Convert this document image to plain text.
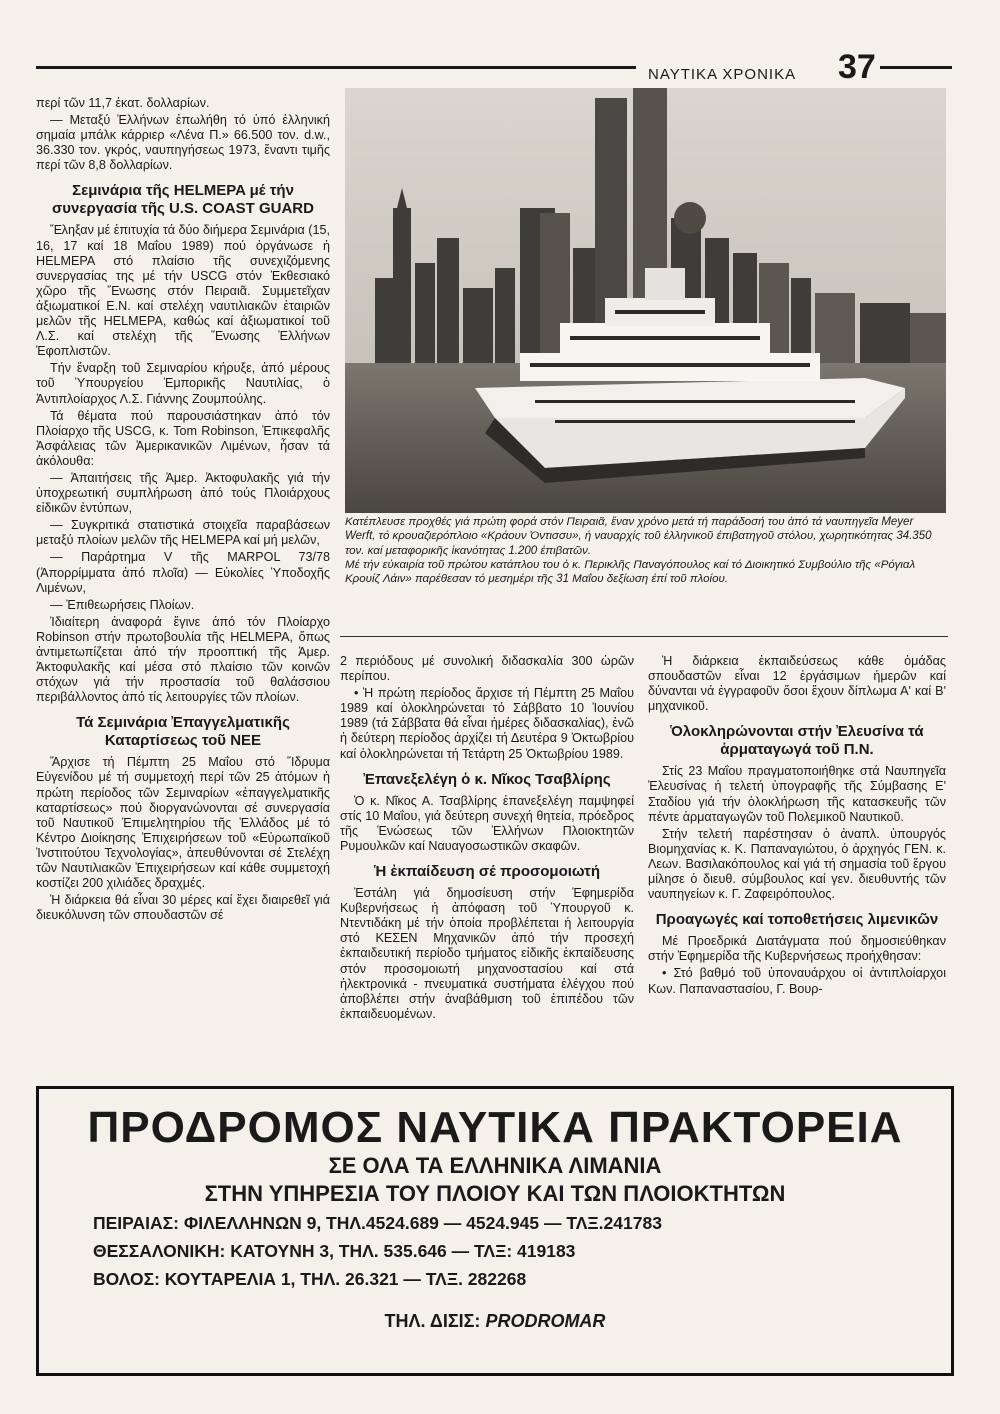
ΝΑΥΤΙΚΑ ΧΡΟΝΙΚΑ 37

περί τῶν 11,7 ἑκατ. δολλαρίων.

— Μεταξύ Ἑλλήνων ἐπωλήθη τό ὑπό ἑλληνική σημαία μπάλκ κάρριερ «Λένα Π.» 66.500 τον. d.w., 36.330 τον. γκρός, ναυπηγήσεως 1973, ἔναντι τιμῆς περί τῶν 8,8 δολλαρίων.

Σεμινάρια τῆς HELMEPA μέ τήν συνεργασία τῆς U.S. COAST GUARD

Ἔληξαν μέ ἐπιτυχία τά δύο διήμερα Σεμινάρια (15, 16, 17 καί 18 Μαΐου 1989) πού ὀργάνωσε ἡ HELMEPA στό πλαίσιο τῆς συνεχιζόμενης συνεργασίας της μέ τήν USCG στόν Ἐκθεσιακό χῶρο τῆς Ἕνωσης στόν Πειραιᾶ. Συμμετεῖχαν ἀξιωματικοί Ε.Ν. καί στελέχη ναυτιλιακῶν ἑταιριῶν μελῶν τῆς HELMEPA, καθώς καί ἀξιωματικοί τοῦ Λ.Σ. καί στελέχη τῆς Ἕνωσης Ἑλλήνων Ἐφοπλιστῶν.

Τήν ἔναρξη τοῦ Σεμιναρίου κήρυξε, ἀπό μέρους τοῦ Ὑπουργείου Ἐμπορικῆς Ναυτιλίας, ὁ Ἀντιπλοίαρχος Λ.Σ. Γιάννης Ζουμπούλης.

Τά θέματα πού παρουσιάστηκαν ἀπό τόν Πλοίαρχο τῆς USCG, κ. Tom Robinson, Ἐπικεφαλῆς Ἀσφάλειας τῶν Ἀμερικανικῶν Λιμένων, ἦσαν τά ἀκόλουθα:

— Ἀπαιτήσεις τῆς Ἀμερ. Ἀκτοφυλακῆς γιά τήν ὑποχρεωτική συμπλήρωση ἀπό τούς Πλοιάρχους εἰδικῶν ἐντύπων,

— Συγκριτικά στατιστικά στοιχεῖα παραβάσεων μεταξύ πλοίων μελῶν τῆς HELMEPA καί μή μελῶν,

— Παράρτημα V τῆς MARPOL 73/78 (Ἀπορρίμματα ἀπό πλοῖα) — Εὐκολίες Ὑποδοχῆς Λιμένων,

— Ἐπιθεωρήσεις Πλοίων.

Ἰδιαίτερη ἀναφορά ἔγινε ἀπό τόν Πλοίαρχο Robinson στήν πρωτοβουλία τῆς HELMEPA, ὅπως ἀντιμετωπίζεται ἀπό τήν προοπτική τῆς Ἀμερ. Ἀκτοφυλακῆς καί μέσα στό πλαίσιο τῶν κοινῶν στόχων γιά τήν προστασία τοῦ θαλάσσιου περιβάλλοντος ἀπό τίς λειτουργίες τῶν πλοίων.

Τά Σεμινάρια Ἐπαγγελματικῆς Καταρτίσεως τοῦ ΝΕΕ

Ἄρχισε τή Πέμπτη 25 Μαΐου στό Ἵδρυμα Εὐγενίδου μέ τή συμμετοχή περί τῶν 25 ἀτόμων ἡ πρώτη περίοδος τῶν Σεμιναρίων «ἐπαγγελματικῆς καταρτίσεως» πού διοργανώνονται σέ συνεργασία τοῦ Ναυτικοῦ Ἐπιμελητηρίου τῆς Ἑλλάδος μέ τό Κέντρο Διοίκησης Ἐπιχειρήσεων τοῦ «Εὐρωπαϊκοῦ Ἰνστιτούτου Τεχνολογίας», ἀπευθύνονται σέ Στελέχη τῶν Ναυτιλιακῶν Ἐπιχειρήσεων καί κάθε συμμετοχή κοστίζει 200 χιλιάδες δραχμές.

Ἡ διάρκεια θά εἶναι 30 μέρες καί ἔχει διαιρεθεῖ γιά διευκόλυνση τῶν σπουδαστῶν σέ

Κατέπλευσε προχθές γιά πρώτη φορά στόν Πειραιᾶ, ἕναν χρόνο μετά τή παράδοσή του ἀπό τά ναυπηγεῖα Meyer Werft, τό κρουαζιερόπλοιο «Κράουν Ὀντισσυ», ἡ ναυαρχίς τοῦ ἑλληνικοῦ ἐπιβατηγοῦ στόλου, χωρητικότητας 34.350 τον. καί μεταφορικῆς ἱκανότητας 1.200 ἐπιβατῶν.

Μέ τήν εὐκαιρία τοῦ πρώτου κατάπλου του ὁ κ. Περικλῆς Παναγόπουλος καί τό Διοικητικό Συμβούλιο τῆς «Ρόγιαλ Κρουίζ Λάιν» παρέθεσαν τό μεσημέρι τῆς 31 Μαΐου δεξίωση ἐπί τοῦ πλοίου.

2 περιόδους μέ συνολική διδασκαλία 300 ὡρῶν περίπου.

• Ἡ πρώτη περίοδος ἄρχισε τή Πέμπτη 25 Μαΐου 1989 καί ὁλοκληρώνεται τό Σάββατο 10 Ἰουνίου 1989 (τά Σάββατα θά εἶναι ἡμέρες διδασκαλίας), ἐνῶ ἡ δεύτερη περίοδος ἀρχίζει τή Δευτέρα 9 Ὀκτωβρίου καί ὁλοκληρώνεται τή Τετάρτη 25 Ὀκτωβρίου 1989.

Ἐπανεξελέγη ὁ κ. Νῖκος Τσαβλίρης

Ὁ κ. Νῖκος Α. Τσαβλίρης ἐπανεξελέγη παμψηφεί στίς 10 Μαΐου, γιά δεύτερη συνεχή θητεία, πρόεδρος τῆς Ἑνώσεως τῶν Ἑλλήνων Πλοιοκτητῶν Ρυμουλκῶν καί Ναυαγοσωστικῶν σκαφῶν.

Ἡ ἐκπαίδευση σέ προσομοιωτή

Ἐστάλη γιά δημοσίευση στήν Ἐφημερίδα Κυβερνήσεως ἡ ἀπόφαση τοῦ Ὑπουργοῦ κ. Ντεντιδάκη μέ τήν ὁποία προβλέπεται ἡ λειτουργία στό ΚΕΣΕΝ Μηχανικῶν ἀπό τήν προσεχή ἐκπαιδευτική περίοδο τμήματος εἰδικῆς ἐκπαίδευσης στόν προσομοιωτή μηχανοστασίου καί στά ἠλεκτρονικά - πνευματικά συστήματα ἐλέγχου πού ἀποβλέπει στήν ἀναβάθμιση τοῦ ἐπιπέδου τῶν ἐκπαιδευομένων.

Ἡ διάρκεια ἐκπαιδεύσεως κάθε ὁμάδας σπουδαστῶν εἶναι 12 ἐργάσιμων ἡμερῶν καί δύνανται νά ἐγγραφοῦν ὅσοι ἔχουν δίπλωμα Α' καί Β' μηχανικοῦ.

Ὁλοκληρώνονται στήν Ἐλευσίνα τά ἁρματαγωγά τοῦ Π.Ν.

Στίς 23 Μαΐου πραγματοποιήθηκε στά Ναυπηγεῖα Ἐλευσίνας ἡ τελετή ὑπογραφῆς τῆς Σύμβασης Ε' Σταδίου γιά τήν ὁλοκλήρωση τῆς κατασκευῆς τῶν πέντε ἁρματαγωγῶν τοῦ Πολεμικοῦ Ναυτικοῦ.

Στήν τελετή παρέστησαν ὁ ἀναπλ. ὑπουργός Βιομηχανίας κ. Κ. Παπαναγιώτου, ὁ ἀρχηγός ΓΕΝ. κ. Λεων. Βασιλακόπουλος καί γιά τή σημασία τοῦ ἔργου μίλησε ὁ διευθ. σύμβουλος καί γεν. διευθυντής τῶν ναυπηγείων κ. Γ. Ζαφειρόπουλος.

Προαγωγές καί τοποθετήσεις λιμενικῶν

Μέ Προεδρικά Διατάγματα πού δημοσιεύθηκαν στήν Ἐφημερίδα τῆς Κυβερνήσεως προήχθησαν:

• Στό βαθμό τοῦ ὑποναυάρχου οἱ ἀντιπλοίαρχοι Κων. Παπαναστασίου, Γ. Βουρ-

ΠΡΟΔΡΟΜΟΣ ΝΑΥΤΙΚΑ ΠΡΑΚΤΟΡΕΙΑ
ΣΕ ΟΛΑ ΤΑ ΕΛΛΗΝΙΚΑ ΛΙΜΑΝΙΑ
ΣΤΗΝ ΥΠΗΡΕΣΙΑ ΤΟΥ ΠΛΟΙΟΥ ΚΑΙ ΤΩΝ ΠΛΟΙΟΚΤΗΤΩΝ
ΠΕΙΡΑΙΑΣ: ΦΙΛΕΛΛΗΝΩΝ 9, ΤΗΛ.4524.689 — 4524.945 — ΤΛΞ.241783
ΘΕΣΣΑΛΟΝΙΚΗ: ΚΑΤΟΥΝΗ 3, ΤΗΛ. 535.646 — ΤΛΞ: 419183
ΒΟΛΟΣ: ΚΟΥΤΑΡΕΛΙΑ 1, ΤΗΛ. 26.321 — ΤΛΞ. 282268
ΤΗΛ. ΔΙΣΙΣ: PRODROMAR
